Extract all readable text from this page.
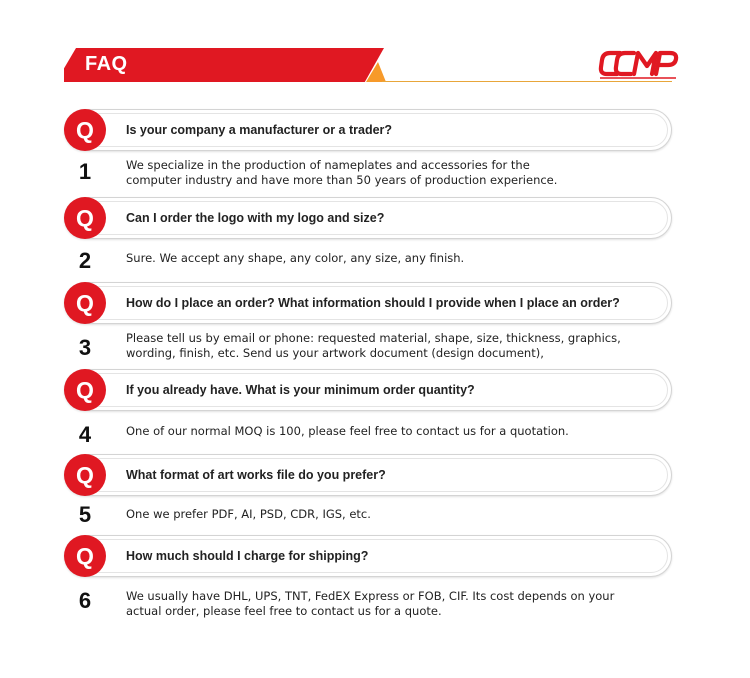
FAQ
Q	Is your company a manufacturer or a trader?
1	We specialize in the production of nameplates and accessories for the
computer industry and have more than 50 years of production experience.
Q	Can I order the logo with my logo and size?
2	Sure. We accept any shape, any color, any size, any finish.
Q	How do I place an order? What information should I provide when I place an order?
3	Please tell us by email or phone: requested material, shape, size, thickness, graphics,
wording, finish, etc. Send us your artwork document (design document),
Q	If you already have. What is your minimum order quantity?
4	One of our normal MOQ is 100, please feel free to contact us for a quotation.
Q	What format of art works file do you prefer?
5	One we prefer PDF, AI, PSD, CDR, IGS, etc.
Q	How much should I charge for shipping?
6	We usually have DHL, UPS, TNT, FedEX Express or FOB, CIF. Its cost depends on your
actual order, please feel free to contact us for a quote.
